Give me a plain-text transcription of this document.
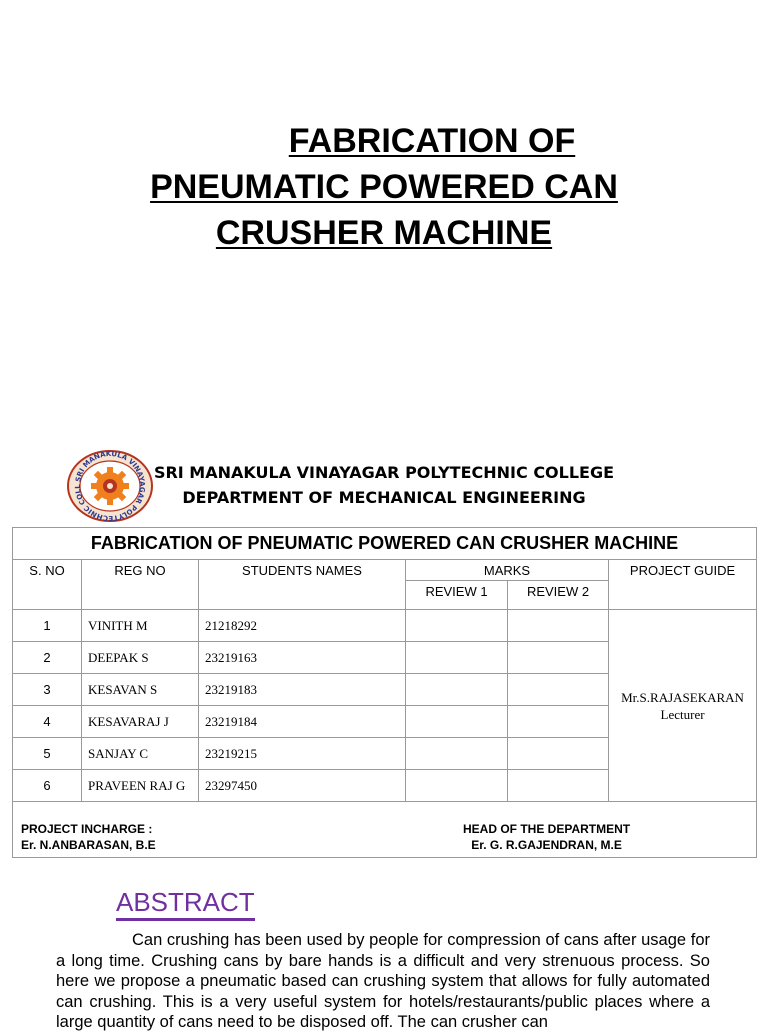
FABRICATION OF
PNEUMATIC POWERED CAN
CRUSHER MACHINE
SRI MANAKULA VINAYAGAR POLYTECHNIC COLL
SRI MANAKULA VINAYAGAR POLYTECHNIC COLLEGE
DEPARTMENT OF MECHANICAL ENGINEERING
FABRICATION OF PNEUMATIC POWERED CAN CRUSHER MACHINE					
S. NO	REG NO	STUDENTS NAMES	MARKS		PROJECT GUIDE
			REVIEW 1	REVIEW 2	
1	VINITH M	21218292			Mr.S.RAJASEKARAN
Lecturer

2	DEEPAK S	23219163			
3	KESAVAN S	23219183			
4	KESAVARAJ J	23219184			
5	SANJAY C	23219215			
6	PRAVEEN RAJ G	23297450			

PROJECT INCHARGE :
Er. N.ANBARASAN, B.E
HEAD OF THE DEPARTMENT
Er. G. R.GAJENDRAN, M.E					
ABSTRACT
Can crushing has been used by people for compression of cans after usage for a long time. Crushing cans by bare hands is a difficult and very strenuous process. So here we propose a pneumatic based can crushing system that allows for fully automated can crushing. This is a very useful system for hotels/restaurants/public places where a large quantity of cans need to be disposed off. The can crusher can
